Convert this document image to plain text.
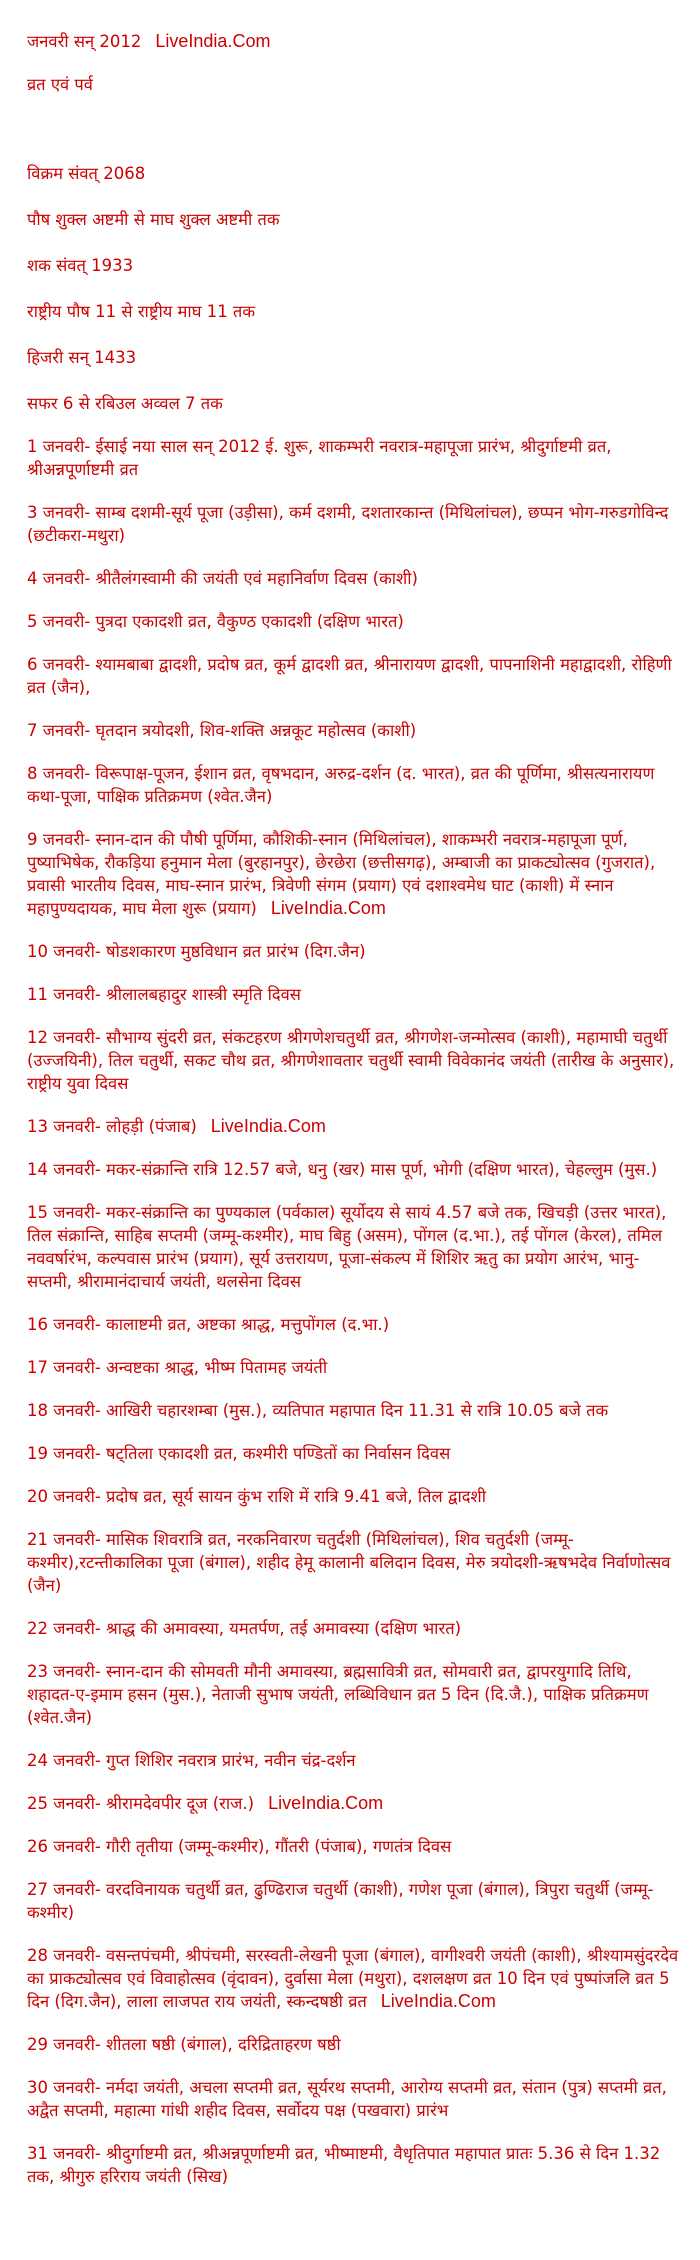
जनवरी सन् 2012 LiveIndia.Com

व्रत एवं पर्व

विक्रम संवत् 2068

पौष शुक्ल अष्टमी से माघ शुक्ल अष्टमी तक

शक संवत् 1933

राष्ट्रीय पौष 11 से राष्ट्रीय माघ 11 तक

हिजरी सन् 1433

सफर 6 से रबिउल अव्वल 7 तक

1 जनवरी- ईसाई नया साल सन् 2012 ई. शुरू, शाकम्भरी नवरात्र-महापूजा प्रारंभ, श्रीदुर्गाष्टमी व्रत, श्रीअन्नपूर्णाष्टमी व्रत

3 जनवरी- साम्ब दशमी-सूर्य पूजा (उड़ीसा), कर्म दशमी, दशतारकान्त (मिथिलांचल), छप्पन भोग-गरुडगोविन्द (छटीकरा-मथुरा)

4 जनवरी- श्रीतैलंगस्वामी की जयंती एवं महानिर्वाण दिवस (काशी)

5 जनवरी- पुत्रदा एकादशी व्रत, वैकुण्ठ एकादशी (दक्षिण भारत)

6 जनवरी- श्यामबाबा द्वादशी, प्रदोष व्रत, कूर्म द्वादशी व्रत, श्रीनारायण द्वादशी, पापनाशिनी महाद्वादशी, रोहिणी व्रत (जैन),

7 जनवरी- घृतदान त्रयोदशी, शिव-शक्ति अन्नकूट महोत्सव (काशी)

8 जनवरी- विरूपाक्ष-पूजन, ईशान व्रत, वृषभदान, अरुद्र-दर्शन (द. भारत), व्रत की पूर्णिमा, श्रीसत्यनारायण कथा-पूजा, पाक्षिक प्रतिक्रमण (श्वेत.जैन)

9 जनवरी- स्नान-दान की पौषी पूर्णिमा, कौशिकी-स्नान (मिथिलांचल), शाकम्भरी नवरात्र-महापूजा पूर्ण, पुष्याभिषेक, रौकड़िया हनुमान मेला (बुरहानपुर), छेरछेरा (छत्तीसगढ़), अम्बाजी का प्राकट्योत्सव (गुजरात), प्रवासी भारतीय दिवस, माघ-स्नान प्रारंभ, त्रिवेणी संगम (प्रयाग) एवं दशाश्वमेध घाट (काशी) में स्नान महापुण्यदायक, माघ मेला शुरू (प्रयाग) LiveIndia.Com

10 जनवरी- षोडशकारण मुष्ठविधान व्रत प्रारंभ (दिग.जैन)

11 जनवरी- श्रीलालबहादुर शास्त्री स्मृति दिवस

12 जनवरी- सौभाग्य सुंदरी व्रत, संकटहरण श्रीगणेशचतुर्थी व्रत, श्रीगणेश-जन्मोत्सव (काशी), महामाघी चतुर्थी (उज्जयिनी), तिल चतुर्थी, सकट चौथ व्रत, श्रीगणेशावतार चतुर्थी स्वामी विवेकानंद जयंती (तारीख के अनुसार), राष्ट्रीय युवा दिवस

13 जनवरी- लोहड़ी (पंजाब) LiveIndia.Com

14 जनवरी- मकर-संक्रान्ति रात्रि 12.57 बजे, धनु (खर) मास पूर्ण, भोगी (दक्षिण भारत), चेहल्लुम (मुस.)

15 जनवरी- मकर-संक्रान्ति का पुण्यकाल (पर्वकाल) सूर्योदय से सायं 4.57 बजे तक, खिचड़ी (उत्तर भारत), तिल संक्रान्ति, साहिब सप्तमी (जम्मू-कश्मीर), माघ बिहु (असम), पोंगल (द.भा.), तई पोंगल (केरल), तमिल नववर्षारंभ, कल्पवास प्रारंभ (प्रयाग), सूर्य उत्तरायण, पूजा-संकल्प में शिशिर ऋतु का प्रयोग आरंभ, भानु-सप्तमी, श्रीरामानंदाचार्य जयंती, थलसेना दिवस

16 जनवरी- कालाष्टमी व्रत, अष्टका श्राद्ध, मत्तुपोंगल (द.भा.)

17 जनवरी- अन्वष्टका श्राद्ध, भीष्म पितामह जयंती

18 जनवरी- आखिरी चहारशम्बा (मुस.), व्यतिपात महापात दिन 11.31 से रात्रि 10.05 बजे तक

19 जनवरी- षट्तिला एकादशी व्रत, कश्मीरी पण्डितों का निर्वासन दिवस

20 जनवरी- प्रदोष व्रत, सूर्य सायन कुंभ राशि में रात्रि 9.41 बजे, तिल द्वादशी

21 जनवरी- मासिक शिवरात्रि व्रत, नरकनिवारण चतुर्दशी (मिथिलांचल), शिव चतुर्दशी (जम्मू-कश्मीर),रटन्तीकालिका पूजा (बंगाल), शहीद हेमू कालानी बलिदान दिवस, मेरु त्रयोदशी-ऋषभदेव निर्वाणोत्सव (जैन)

22 जनवरी- श्राद्ध की अमावस्या, यमतर्पण, तई अमावस्या (दक्षिण भारत)

23 जनवरी- स्नान-दान की सोमवती मौनी अमावस्या, ब्रह्मसावित्री व्रत, सोमवारी व्रत, द्वापरयुगादि तिथि, शहादत-ए-इमाम हसन (मुस.), नेताजी सुभाष जयंती, लब्धिविधान व्रत 5 दिन (दि.जै.), पाक्षिक प्रतिक्रमण (श्वेत.जैन)

24 जनवरी- गुप्त शिशिर नवरात्र प्रारंभ, नवीन चंद्र-दर्शन

25 जनवरी- श्रीरामदेवपीर दूज (राज.) LiveIndia.Com

26 जनवरी- गौरी तृतीया (जम्मू-कश्मीर), गौंतरी (पंजाब), गणतंत्र दिवस

27 जनवरी- वरदविनायक चतुर्थी व्रत, ढुण्ढिराज चतुर्थी (काशी), गणेश पूजा (बंगाल), त्रिपुरा चतुर्थी (जम्मू-कश्मीर)

28 जनवरी- वसन्तपंचमी, श्रीपंचमी, सरस्वती-लेखनी पूजा (बंगाल), वागीश्वरी जयंती (काशी), श्रीश्यामसुंदरदेव का प्राकट्योत्सव एवं विवाहोत्सव (वृंदावन), दुर्वासा मेला (मथुरा), दशलक्षण व्रत 10 दिन एवं पुष्पांजलि व्रत 5 दिन (दिग.जैन), लाला लाजपत राय जयंती, स्कन्दषष्ठी व्रत LiveIndia.Com

29 जनवरी- शीतला षष्ठी (बंगाल), दरिद्रिताहरण षष्ठी

30 जनवरी- नर्मदा जयंती, अचला सप्तमी व्रत, सूर्यरथ सप्तमी, आरोग्य सप्तमी व्रत, संतान (पुत्र) सप्तमी व्रत, अद्वैत सप्तमी, महात्मा गांधी शहीद दिवस, सर्वोदय पक्ष (पखवारा) प्रारंभ

31 जनवरी- श्रीदुर्गाष्टमी व्रत, श्रीअन्नपूर्णाष्टमी व्रत, भीष्माष्टमी, वैधृतिपात महापात प्रातः 5.36 से दिन 1.32 तक, श्रीगुरु हरिराय जयंती (सिख)
